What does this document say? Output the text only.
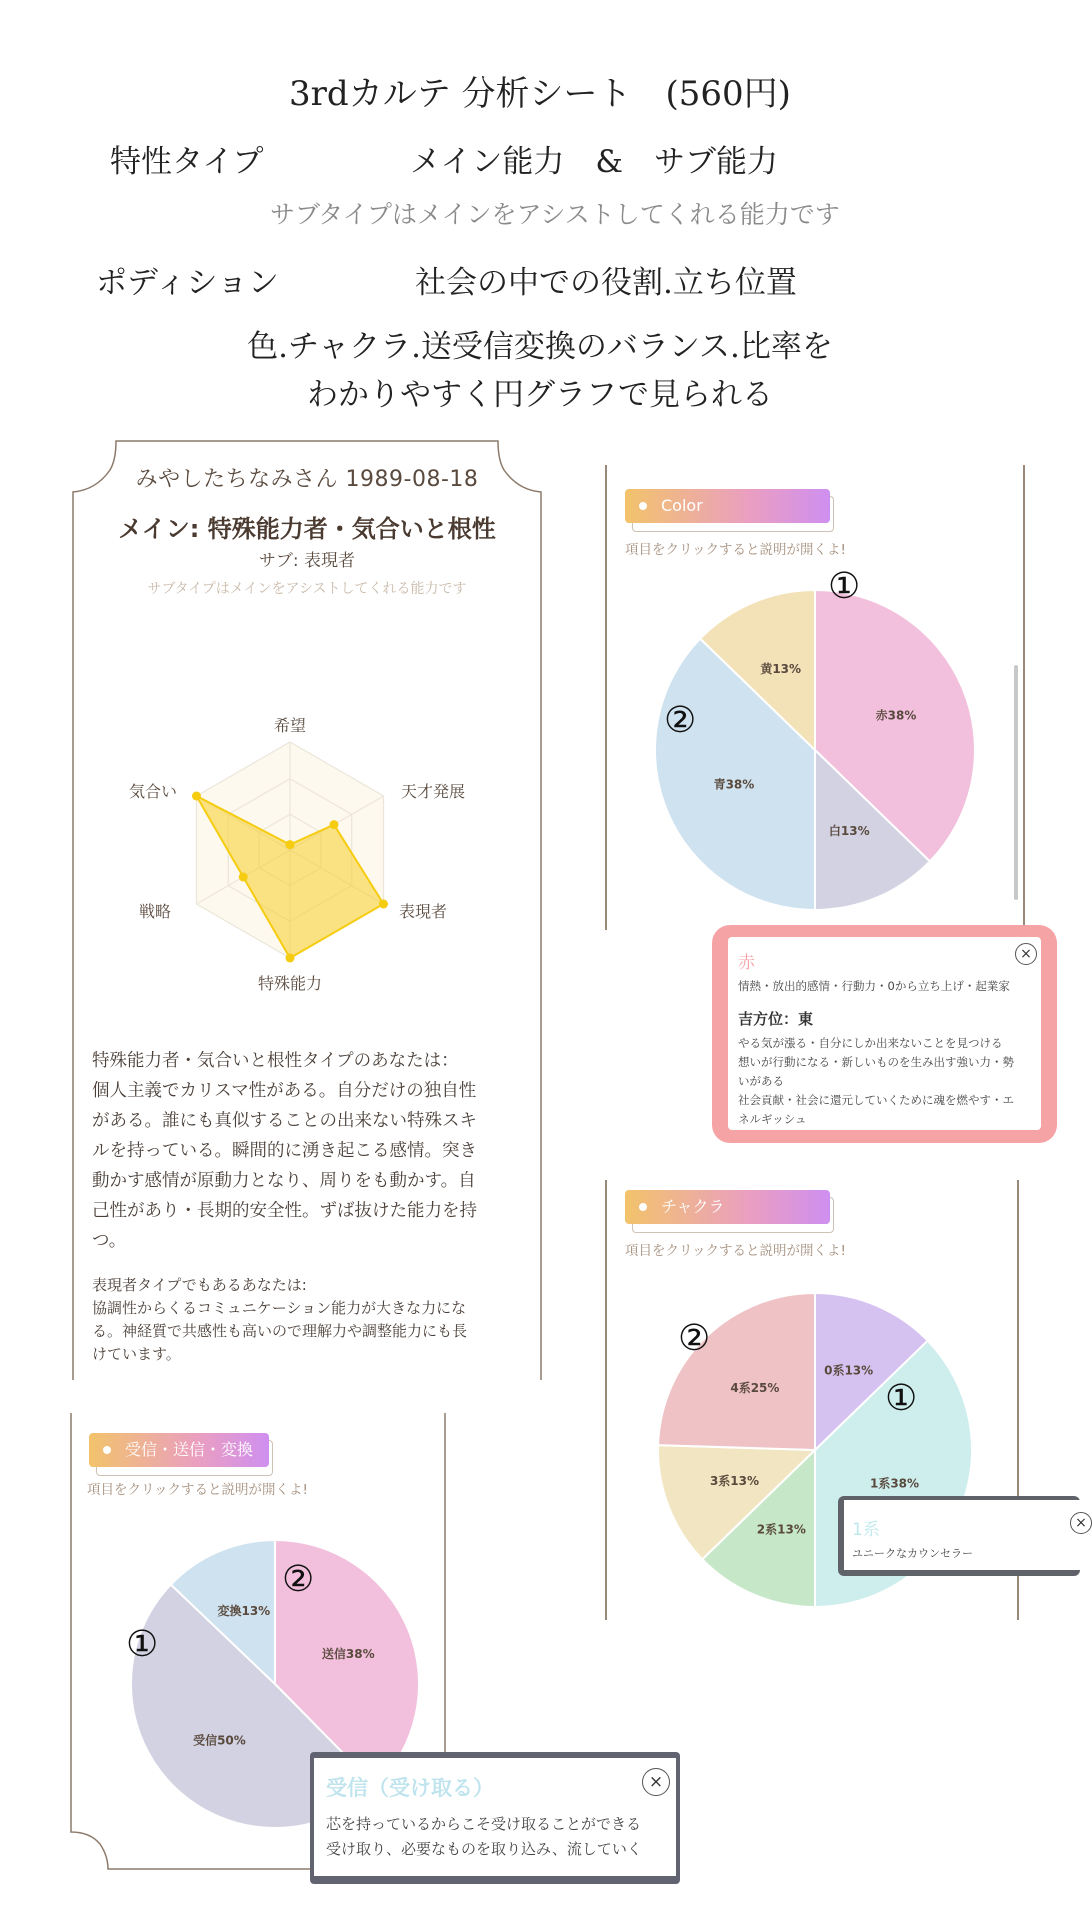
3rdカルテ 分析シート　(560円)
特性タイプ	メイン能力　&　サブ能力
サブタイプはメインをアシストしてくれる能力です
ポディション	社会の中での役割.立ち位置
色.チャクラ.送受信変換のバランス.比率を
わかりやすく円グラフで見られる
みやしたちなみさん 1989-08-18
メイン: 特殊能力者・気合いと根性
サブ: 表現者
サブタイプはメインをアシストしてくれる能力です
希望
天才発展
表現者
特殊能力
戦略
気合い
特殊能力者・気合いと根性タイプのあなたは：
個人主義でカリスマ性がある。自分だけの独自性
がある。誰にも真似することの出来ない特殊スキ
ルを持っている。瞬間的に湧き起こる感情。突き
動かす感情が原動力となり、周りをも動かす。自
己性があり・長期的安全性。ずば抜けた能力を持
つ。
表現者タイプでもあるあなたは:
協調性からくるコミュニケーション能力が大きな力にな
る。神経質で共感性も高いので理解力や調整能力にも長
けています。
Color
項目をクリックすると説明が開くよ!
赤38%
白13%
青38%
黄13%
①
②
赤	×
情熱・放出的感情・行動力・0から立ち上げ・起業家
吉方位：東
やる気が漲る・自分にしか出来ないことを見つける
想いが行動になる・新しいものを生み出す強い力・勢
いがある
社会貢献・社会に還元していくために魂を燃やす・エ
ネルギッシュ
チャクラ
項目をクリックすると説明が開くよ!
0系13%
1系38%
2系13%
3系13%
4系25%	①
②
1系
ユニークなカウンセラー
×
受信・送信・変換
項目をクリックすると説明が開くよ!
送信38%
受信50%
変換13%
①
②
受信（受け取る）	×
芯を持っているからこそ受け取ることができる
受け取り、必要なものを取り込み、流していく
